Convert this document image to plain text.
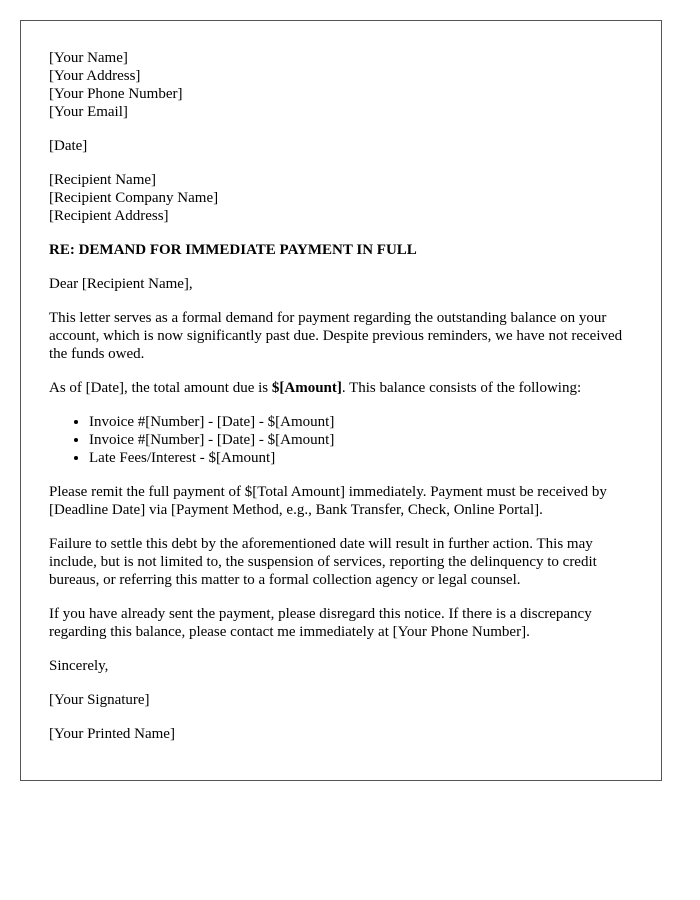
[Your Name]
[Your Address]
[Your Phone Number]
[Your Email]
[Date]
[Recipient Name]
[Recipient Company Name]
[Recipient Address]
RE: DEMAND FOR IMMEDIATE PAYMENT IN FULL

Dear [Recipient Name],

This letter serves as a formal demand for payment regarding the outstanding balance on your account, which is now significantly past due. Despite previous reminders, we have not received the funds owed.

As of [Date], the total amount due is $[Amount]. This balance consists of the following:

• Invoice #[Number] - [Date] - $[Amount]
• Invoice #[Number] - [Date] - $[Amount]
• Late Fees/Interest - $[Amount]

Please remit the full payment of $[Total Amount] immediately. Payment must be received by [Deadline Date] via [Payment Method, e.g., Bank Transfer, Check, Online Portal].

Failure to settle this debt by the aforementioned date will result in further action. This may include, but is not limited to, the suspension of services, reporting the delinquency to credit bureaus, or referring this matter to a formal collection agency or legal counsel.

If you have already sent the payment, please disregard this notice. If there is a discrepancy regarding this balance, please contact me immediately at [Your Phone Number].

Sincerely,

[Your Signature]

[Your Printed Name]
